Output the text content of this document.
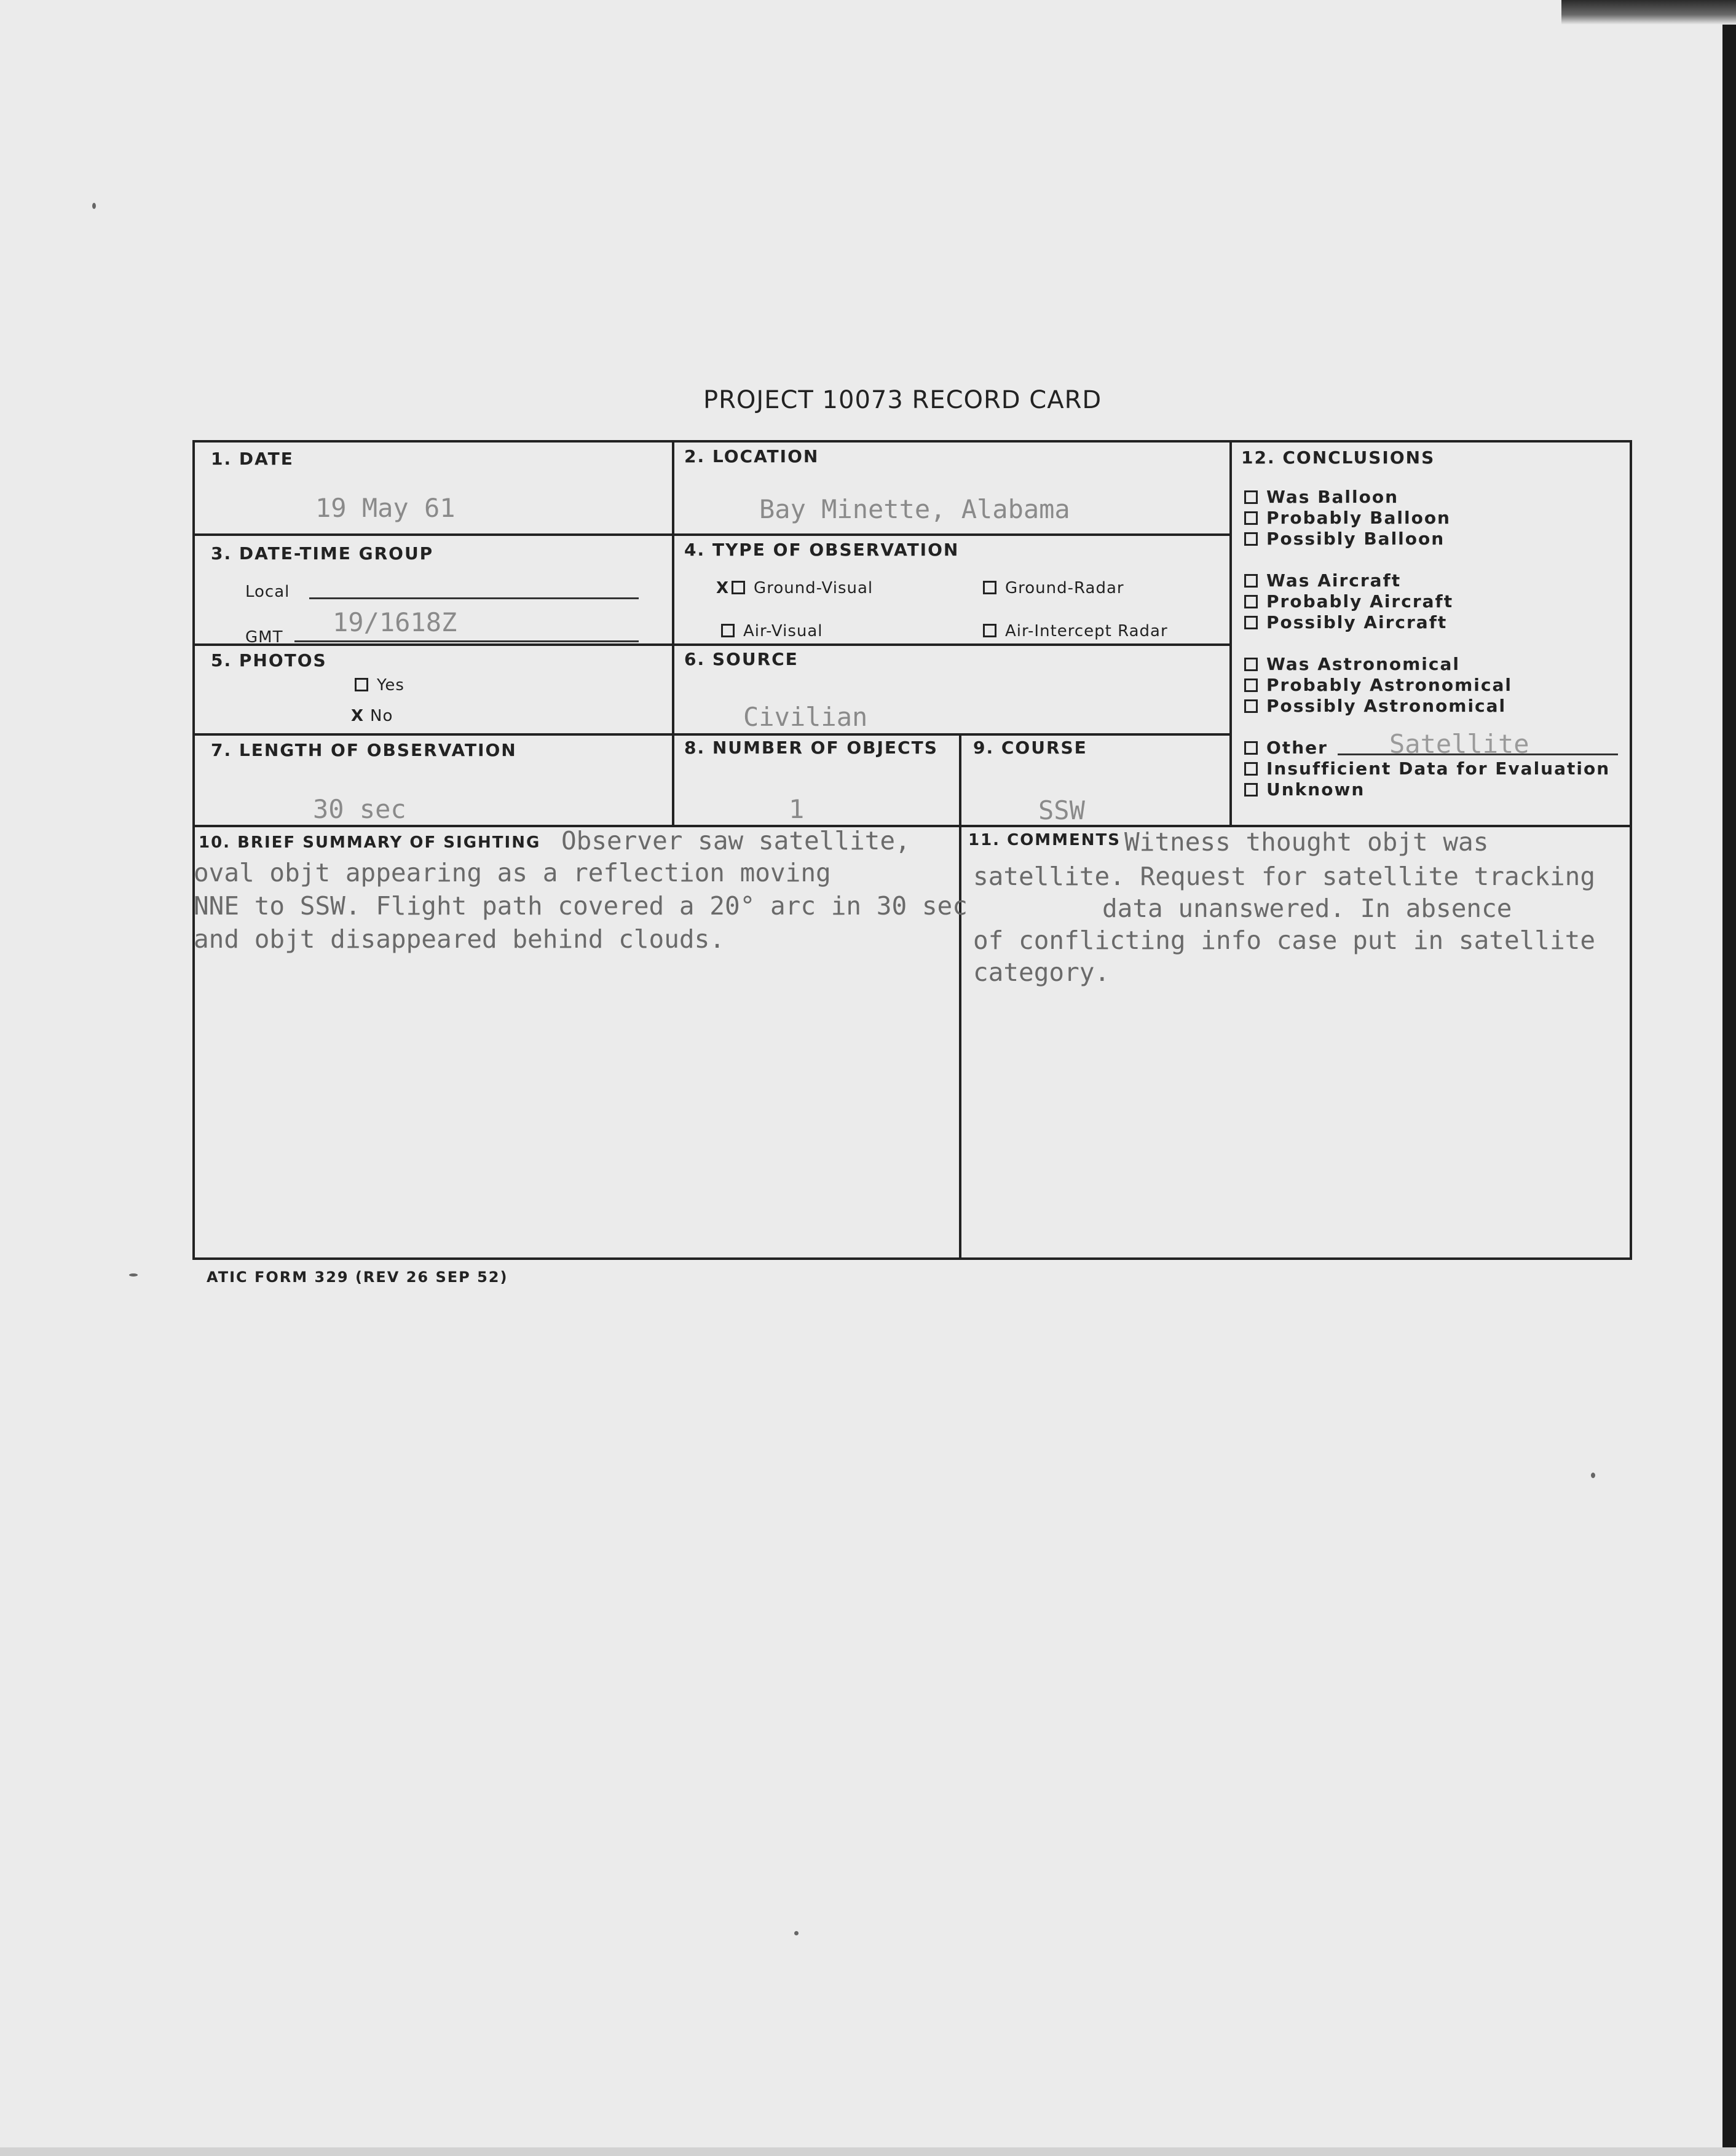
PROJECT 10073 RECORD CARD
1. DATE
19 May 61
2. LOCATION
Bay Minette, Alabama
3. DATE-TIME GROUP
Local
GMT 19/1618Z
4. TYPE OF OBSERVATION
X Ground-Visual	Ground-Radar
Air-Visual	Air-Intercept Radar
5. PHOTOS
Yes
X No
6. SOURCE
Civilian
7. LENGTH OF OBSERVATION
30 sec
8. NUMBER OF OBJECTS
1
9. COURSE
SSW
10. BRIEF SUMMARY OF SIGHTING Observer saw satellite,
oval objt appearing as a reflection moving
NNE to SSW. Flight path covered a 20° arc in 30 sec
and objt disappeared behind clouds.
11. COMMENTS Witness thought objt was
satellite. Request for satellite tracking
data unanswered. In absence
of conflicting info case put in satellite
category.
12. CONCLUSIONS
Was Balloon
Probably Balloon
Possibly Balloon
Was Aircraft
Probably Aircraft
Possibly Aircraft
Was Astronomical
Probably Astronomical
Possibly Astronomical
Other Satellite
Insufficient Data for Evaluation
Unknown
ATIC FORM 329 (REV 26 SEP 52)
